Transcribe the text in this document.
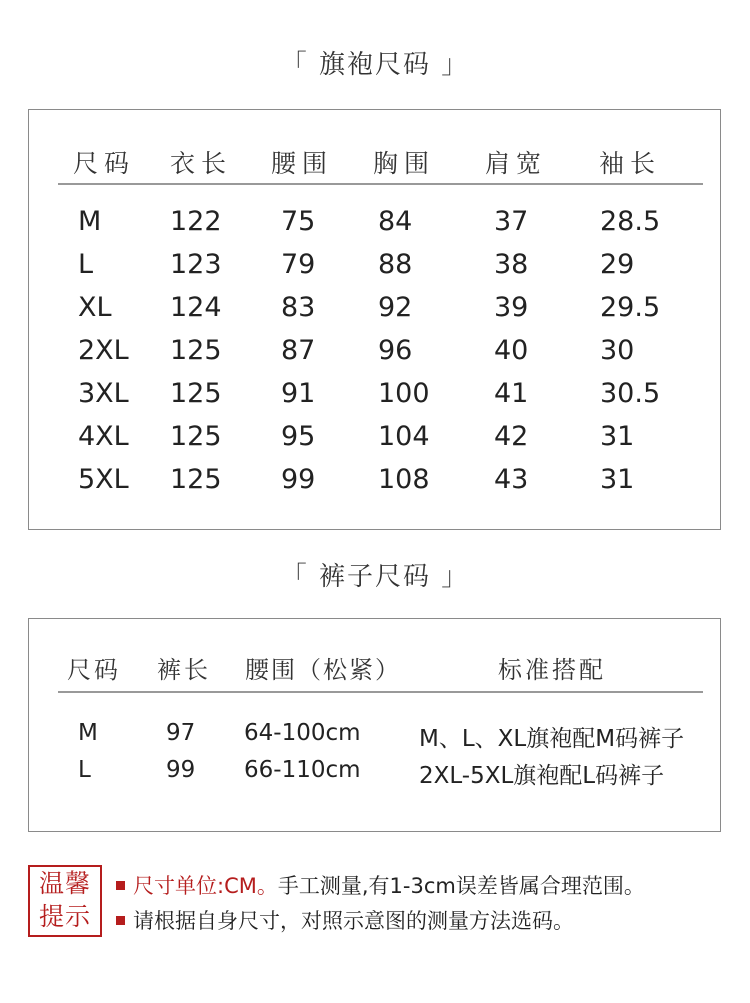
「 旗袍尺码 」
尺码 衣长 腰围 胸围 肩宽 袖长
M	122 75 84	37	28.5
L	123 79 88	38	29
XL 124 83 92	39	29.5
2XL 125 87 96	40	30
3XL 125 91 100 41	30.5
4XL 125 95 104 42	31
5XL 125 99 108 43	31
「 裤子尺码 」
尺码 裤长 腰围（松紧）	标准搭配
M	97 64-100cm	M、L、XL旗袍配M码裤子
L	99 66-110cm	2XL-5XL旗袍配L码裤子
温馨
提示
尺寸单位:CM。手工测量,有1-3cm误差皆属合理范围。
请根据自身尺寸，对照示意图的测量方法选码。
